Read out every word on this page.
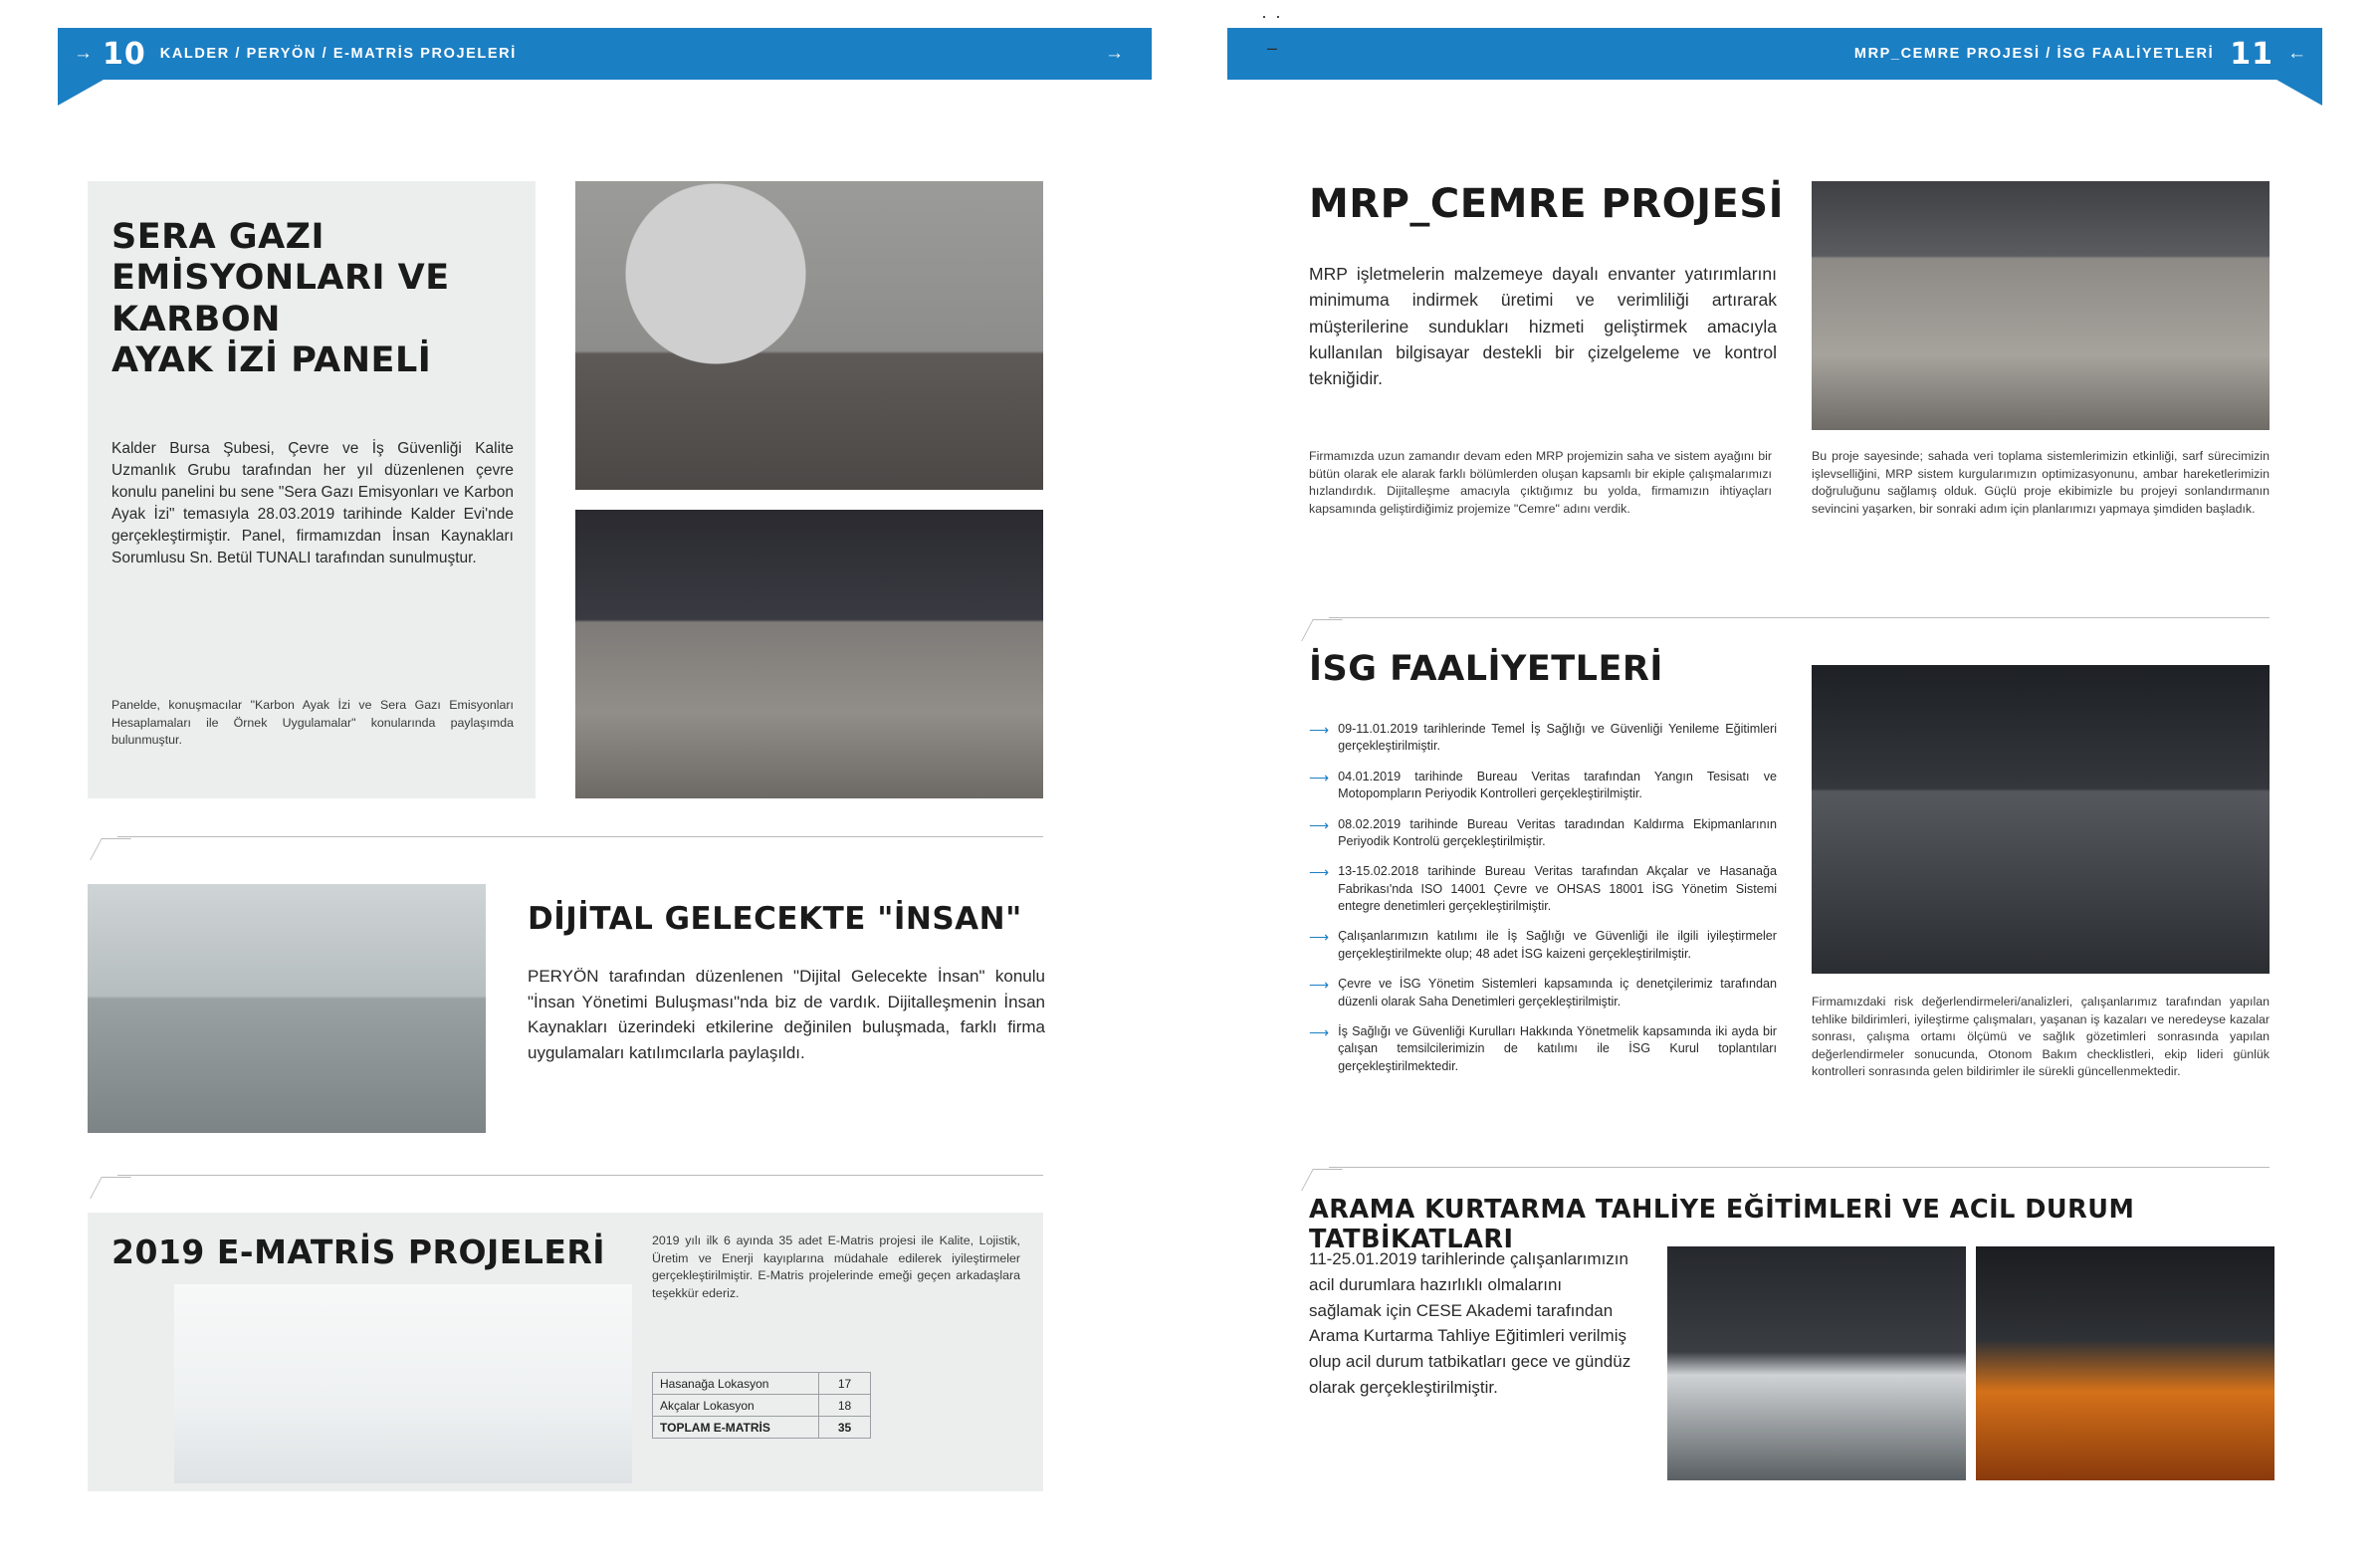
→ 10 KALDER / PERYÖN / E-MATRİS PROJELERİ	→
SERA GAZI
EMİSYONLARI VE
KARBON
AYAK İZİ PANELİ
Kalder Bursa Şubesi, Çevre ve İş Güvenliği Kalite Uzmanlık Grubu tarafından her yıl düzenlenen çevre konulu panelini bu sene "Sera Gazı Emisyonları ve Karbon Ayak İzi" temasıyla 28.03.2019 tarihinde Kalder Evi'nde gerçekleştirmiştir. Panel, firmamızdan İnsan Kaynakları Sorumlusu Sn. Betül TUNALI tarafından sunulmuştur.
Panelde, konuşmacılar "Karbon Ayak İzi ve Sera Gazı Emisyonları Hesaplamaları ile Örnek Uygulamalar" konularında paylaşımda bulunmuştur.
DİJİTAL GELECEKTE "İNSAN"
PERYÖN tarafından düzenlenen "Dijital Gelecekte İnsan" konulu "İnsan Yönetimi Buluşması"nda biz de vardık. Dijitalleşmenin İnsan Kaynakları üzerindeki etkilerine değinilen buluşmada, farklı firma uygulamaları katılımcılarla paylaşıldı.
2019 E-MATRİS PROJELERİ	2019 yılı ilk 6 ayında 35 adet E-Matris projesi ile Kalite, Lojistik, Üretim ve Enerji kayıplarına müdahale edilerek iyileştirmeler gerçekleştirilmiştir. E-Matris projelerinde emeği geçen arkadaşlara teşekkür ederiz.
Hasanağa Lokasyon	17
Akçalar Lokasyon	18
TOPLAM E-MATRİS	35
MRP_CEMRE PROJESİ / İSG FAALİYETLERİ 11 ←
··
–
MRP_CEMRE PROJESİ
MRP işletmelerin malzemeye dayalı envanter yatırımlarını minimuma indirmek üretimi ve verimliliği artırarak müşterilerine sundukları hizmeti geliştirmek amacıyla kullanılan bilgisayar destekli bir çizelgeleme ve kontrol tekniğidir.
Firmamızda uzun zamandır devam eden MRP projemizin saha ve sistem ayağını bir bütün olarak ele alarak farklı bölümlerden oluşan kapsamlı bir ekiple çalışmalarımızı hızlandırdık. Dijitalleşme amacıyla çıktığımız bu yolda, firmamızın ihtiyaçları kapsamında geliştirdiğimiz projemize "Cemre" adını verdik.
Bu proje sayesinde; sahada veri toplama sistemlerimizin etkinliği, sarf sürecimizin işlevselliğini, MRP sistem kurgularımızın optimizasyonunu, ambar hareketlerimizin doğruluğunu sağlamış olduk. Güçlü proje ekibimizle bu projeyi sonlandırmanın sevincini yaşarken, bir sonraki adım için planlarımızı yapmaya şimdiden başladık.
İSG FAALİYETLERİ
⟶ 09-11.01.2019 tarihlerinde Temel İş Sağlığı ve Güvenliği Yenileme Eğitimleri gerçekleştirilmiştir.
⟶ 04.01.2019 tarihinde Bureau Veritas tarafından Yangın Tesisatı ve Motopompların Periyodik Kontrolleri gerçekleştirilmiştir.
⟶ 08.02.2019 tarihinde Bureau Veritas taradından Kaldırma Ekipmanlarının Periyodik Kontrolü gerçekleştirilmiştir.
⟶ 13-15.02.2018 tarihinde Bureau Veritas tarafından Akçalar ve Hasanağa Fabrikası'nda ISO 14001 Çevre ve OHSAS 18001 İSG Yönetim Sistemi entegre denetimleri gerçekleştirilmiştir.
⟶ Çalışanlarımızın katılımı ile İş Sağlığı ve Güvenliği ile ilgili iyileştirmeler gerçekleştirilmekte olup; 48 adet İSG kaizeni gerçekleştirilmiştir.
⟶ Çevre ve İSG Yönetim Sistemleri kapsamında iç denetçilerimiz tarafından düzenli olarak Saha Denetimleri gerçekleştirilmiştir.
⟶ İş Sağlığı ve Güvenliği Kurulları Hakkında Yönetmelik kapsamında iki ayda bir çalışan temsilcilerimizin de katılımı ile İSG Kurul toplantıları gerçekleştirilmektedir.
Firmamızdaki risk değerlendirmeleri/analizleri, çalışanlarımız tarafından yapılan tehlike bildirimleri, iyileştirme çalışmaları, yaşanan iş kazaları ve neredeyse kazalar sonrası, çalışma ortamı ölçümü ve sağlık gözetimleri sonrasında yapılan değerlendirmeler sonucunda, Otonom Bakım checklistleri, ekip lideri günlük kontrolleri sonrasında gelen bildirimler ile sürekli güncellenmektedir.
ARAMA KURTARMA TAHLİYE EĞİTİMLERİ VE ACİL DURUM TATBİKATLARI
11-25.01.2019 tarihlerinde çalışanlarımızın acil durumlara hazırlıklı olmalarını sağlamak için CESE Akademi tarafından Arama Kurtarma Tahliye Eğitimleri verilmiş olup acil durum tatbikatları gece ve gündüz olarak gerçekleştirilmiştir.
